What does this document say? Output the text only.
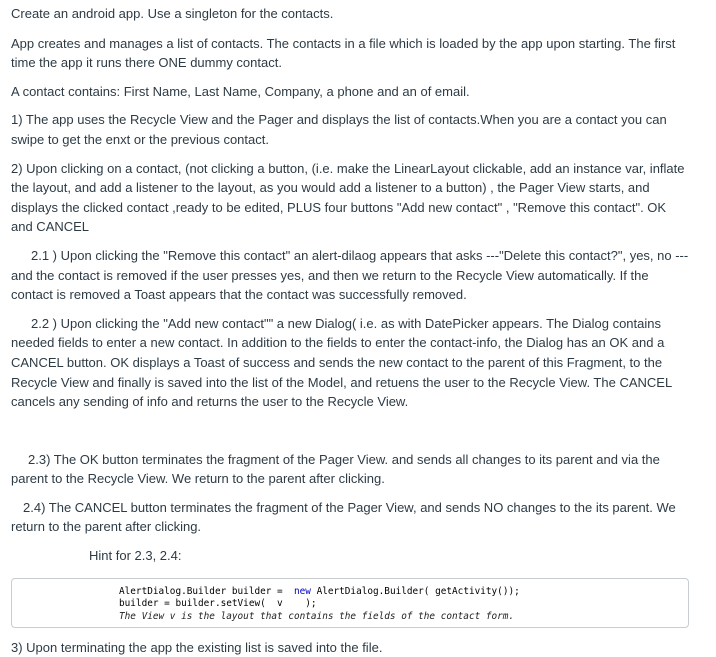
Create an android app. Use a singleton for the contacts.

App creates and manages a list of contacts. The contacts in a file which is loaded by the app upon starting. The first time the app it runs there ONE dummy contact.

A contact contains: First Name, Last Name, Company, a phone and an of email.

1) The app uses the Recycle View and the Pager and displays the list of contacts.When you are a contact you can swipe to get the enxt or the previous contact.

2) Upon clicking on a contact, (not clicking a button, (i.e. make the LinearLayout clickable, add an instance var, inflate the layout, and add a listener to the layout, as you would add a listener to a button) , the Pager View starts, and displays the clicked contact ,ready to be edited, PLUS four buttons "Add new contact" , "Remove this contact". OK and CANCEL

2.1 ) Upon clicking the "Remove this contact" an alert-dilaog appears that asks ---"Delete this contact?", yes, no ---and the contact is removed if the user presses yes, and then we return to the Recycle View automatically. If the contact is removed a Toast appears that the contact was successfully removed.

2.2 ) Upon clicking the "Add new contact"" a new Dialog( i.e. as with DatePicker appears. The Dialog contains needed fields to enter a new contact. In addition to the fields to enter the contact-info, the Dialog has an OK and a CANCEL button. OK displays a Toast of success and sends the new contact to the parent of this Fragment, to the Recycle View and finally is saved into the list of the Model, and retuens the user to the Recycle View. The CANCEL cancels any sending of info and returns the user to the Recycle View.

2.3) The OK button terminates the fragment of the Pager View. and sends all changes to its parent and via the parent to the Recycle View. We return to the parent after clicking.

2.4) The CANCEL button terminates the fragment of the Pager View, and sends NO changes to the its parent. We return to the parent after clicking.

Hint for 2.3, 2.4:

AlertDialog.Builder builder =  new AlertDialog.Builder( getActivity());
builder = builder.setView(  v    );
The View v is the layout that contains the fields of the contact form.

3) Upon terminating the app the existing list is saved into the file.
